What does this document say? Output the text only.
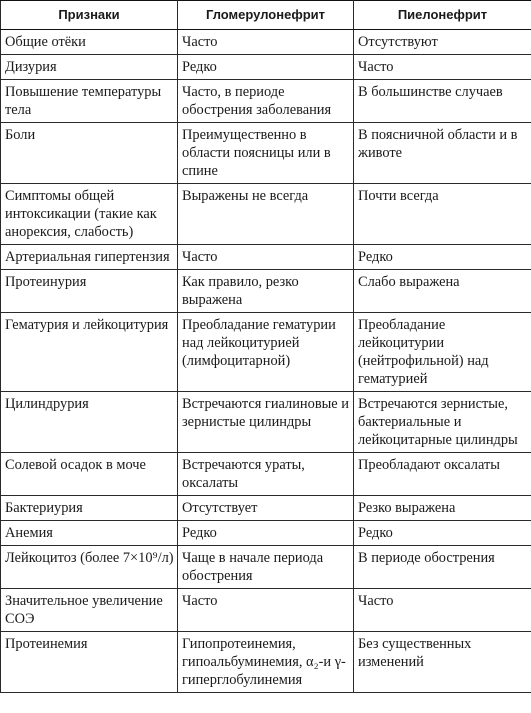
Признаки	Гломерулонефрит	Пиелонефрит
Общие отёки	Часто	Отсутствуют
Дизурия	Редко	Часто
Повышение температуры тела	Часто, в периоде обострения заболевания	В большинстве случаев
Боли	Преимущественно в области поясницы или в спине	В поясничной области и в животе
Симптомы общей интоксикации (такие как анорексия, слабость)	Выражены не всегда	Почти всегда
Артериальная гипертензия	Часто	Редко
Протеинурия	Как правило, резко выражена	Слабо выражена
Гематурия и лейкоцитурия	Преобладание гематурии над лейкоцитурией (лимфоцитарной)	Преобладание лейкоцитурии (нейтрофильной) над гематурией
Цилиндрурия	Встречаются гиалиновые и зернистые цилиндры	Встречаются зернистые, бактериальные и лейкоцитарные цилиндры
Солевой осадок в моче	Встречаются ураты, оксалаты	Преобладают оксалаты
Бактериурия	Отсутствует	Резко выражена
Анемия	Редко	Редко
Лейкоцитоз (более 7×10⁹/л)	Чаще в начале периода обострения	В периоде обострения
Значительное увеличение СОЭ	Часто	Часто
Протеинемия	Гипопротеинемия, гипоальбуминемия, α₂-и γ-гиперглобулинемия	Без существенных изменений
